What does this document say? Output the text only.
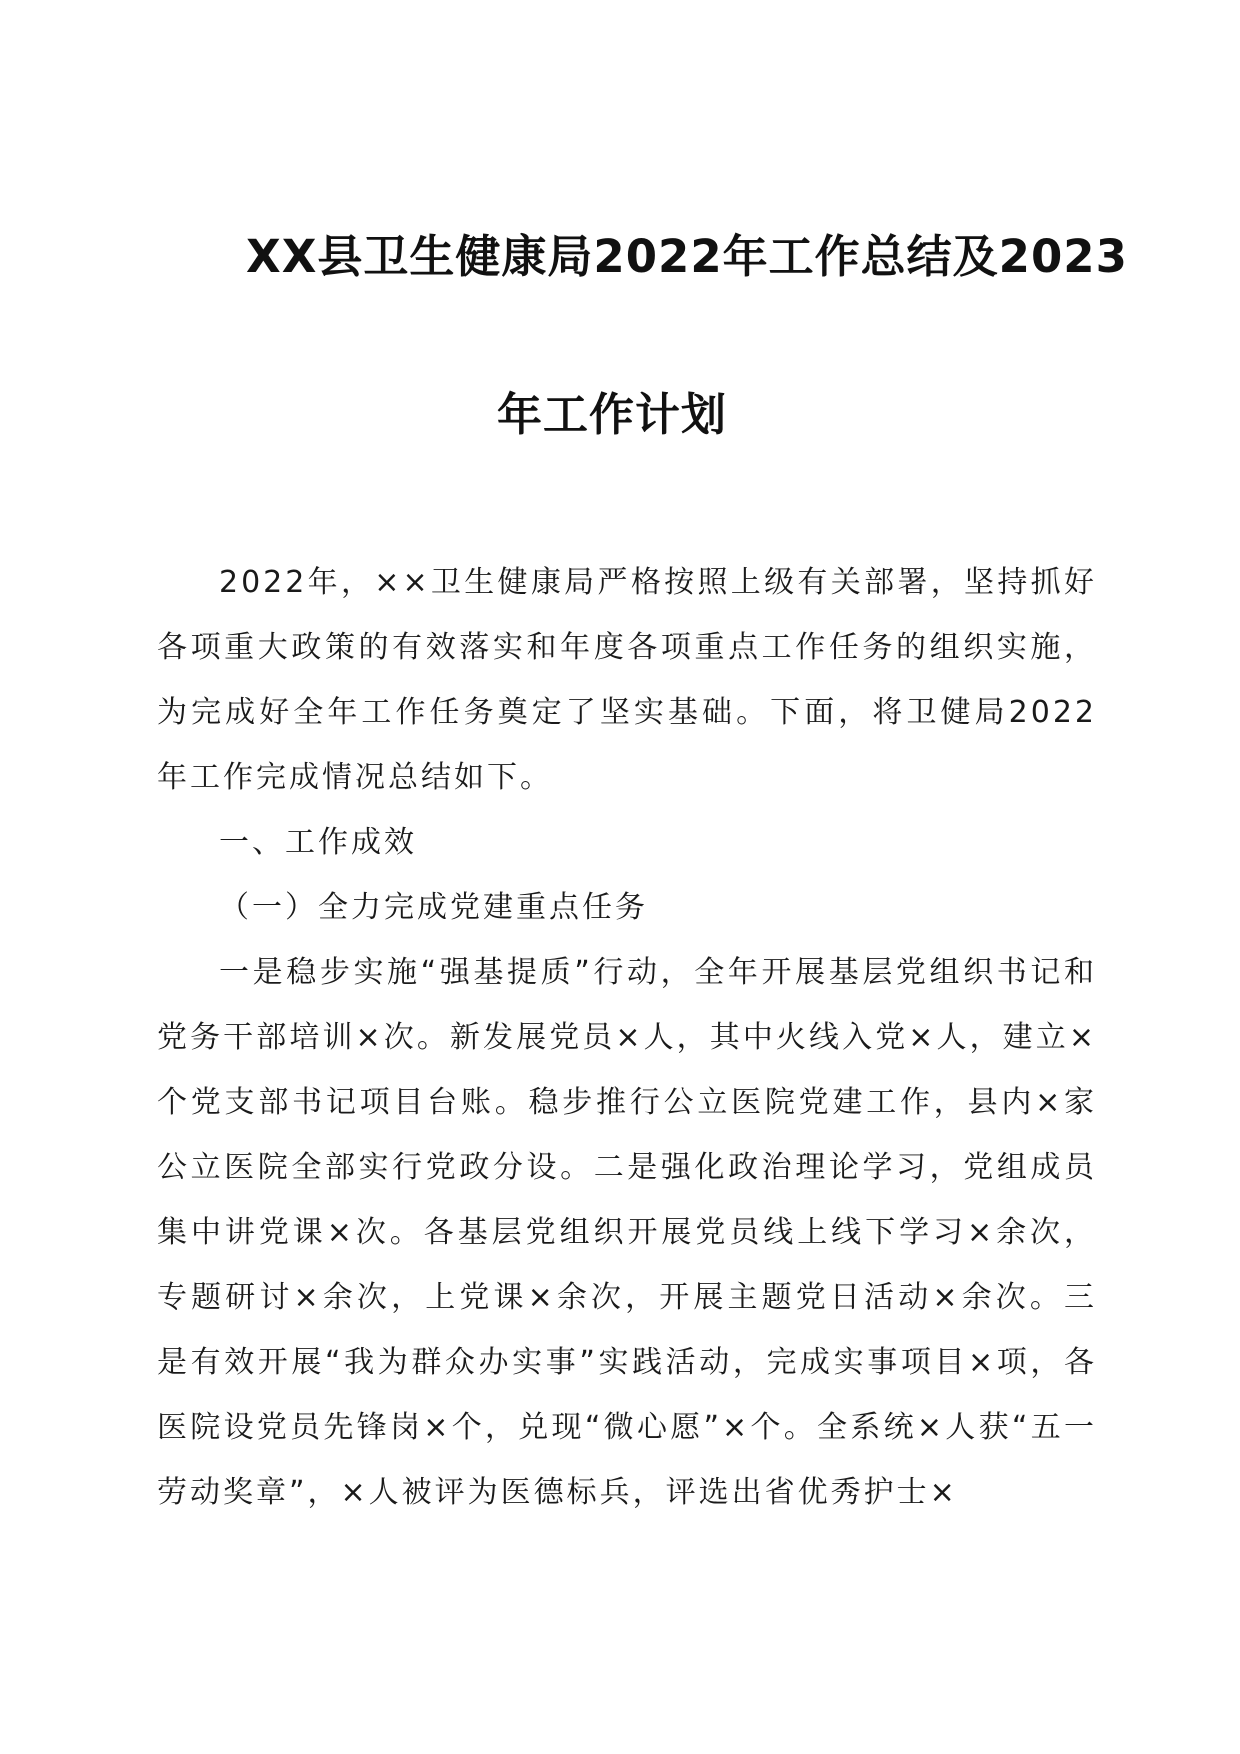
XX县卫生健康局2022年工作总结及2023
年工作计划

2022年，××卫生健康局严格按照上级有关部署，坚持抓好各项重大政策的有效落实和年度各项重点工作任务的组织实施，为完成好全年工作任务奠定了坚实基础。下面，将卫健局2022年工作完成情况总结如下。

一、工作成效

（一）全力完成党建重点任务

一是稳步实施“强基提质”行动，全年开展基层党组织书记和党务干部培训×次。新发展党员×人，其中火线入党×人，建立×个党支部书记项目台账。稳步推行公立医院党建工作，县内×家公立医院全部实行党政分设。二是强化政治理论学习，党组成员集中讲党课×次。各基层党组织开展党员线上线下学习×余次，专题研讨×余次，上党课×余次，开展主题党日活动×余次。三是有效开展“我为群众办实事”实践活动，完成实事项目×项，各医院设党员先锋岗×个，兑现“微心愿”×个。全系统×人获“五一劳动奖章”，×人被评为医德标兵，评选出省优秀护士×
